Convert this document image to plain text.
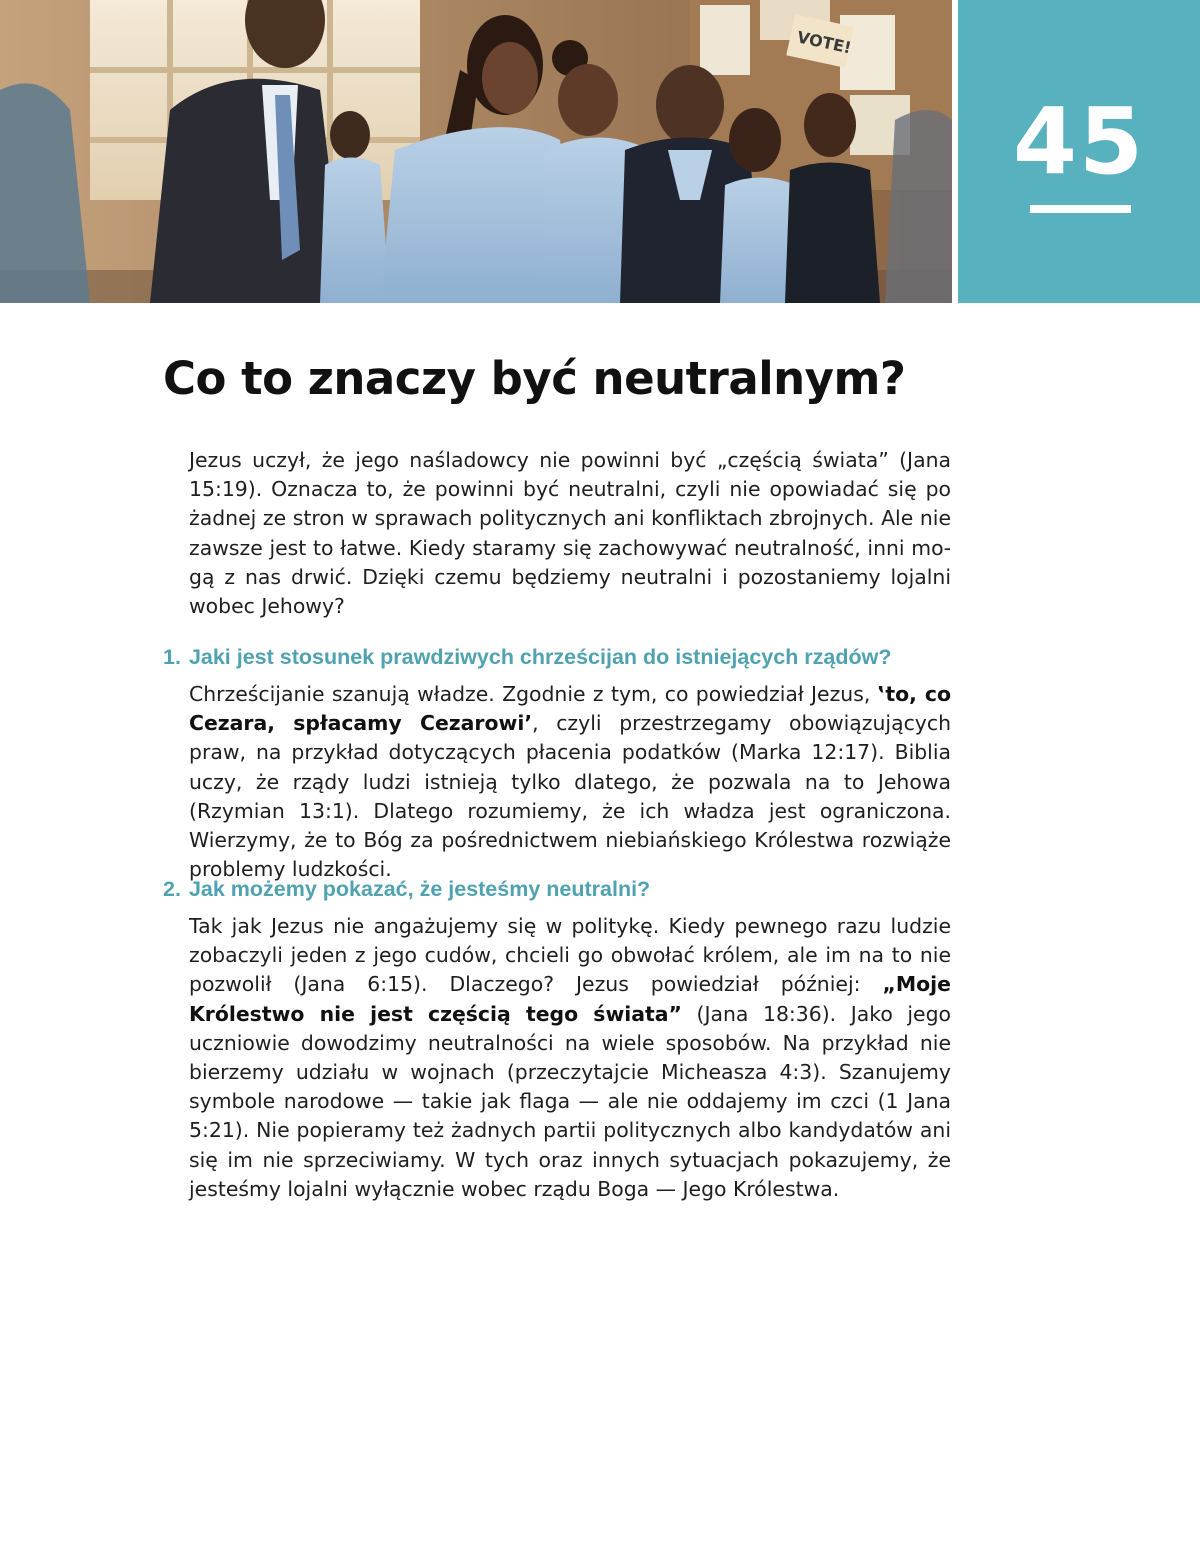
VOTE!
45
Co to znaczy być neutralnym?

Jezus uczył, że jego naśladowcy nie powinni być „częścią świata” (Jana 15:19). Oznacza to, że powinni być neutralni, czyli nie opowiadać się po żadnej ze stron w sprawach politycznych ani konfliktach zbrojnych. Ale nie zawsze jest to łatwe. Kiedy staramy się zachowywać neutralność, inni mogą z nas drwić. Dzięki czemu będziemy neutralni i pozostaniemy lojalni wobec Jehowy?

1. Jaki jest stosunek prawdziwych chrześcijan do istniejących rządów?

Chrześcijanie szanują władze. Zgodnie z tym, co powiedział Jezus, ‛to, co Cezara, spłacamy Cezarowi’, czyli przestrzegamy obowiązujących praw, na przykład dotyczących płacenia podatków (Marka 12:17). Biblia uczy, że rządy ludzi istnieją tylko dlatego, że pozwala na to Jehowa (Rzymian 13:1). Dlatego rozumiemy, że ich władza jest ograniczona. Wierzymy, że to Bóg za pośrednictwem niebiańskiego Królestwa rozwiąże problemy ludzkości.

2. Jak możemy pokazać, że jesteśmy neutralni?

Tak jak Jezus nie angażujemy się w politykę. Kiedy pewnego razu ludzie zobaczyli jeden z jego cudów, chcieli go obwołać królem, ale im na to nie pozwolił (Jana 6:15). Dlaczego? Jezus powiedział później: „Moje Królestwo nie jest częścią tego świata” (Jana 18:36). Jako jego uczniowie dowodzimy neutralności na wiele sposobów. Na przykład nie bierzemy udziału w wojnach (przeczytajcie Micheasza 4:3). Szanujemy symbole narodowe — takie jak flaga — ale nie oddajemy im czci (1 Jana 5:21). Nie popieramy też żadnych partii politycznych albo kandydatów ani się im nie sprzeciwiamy. W tych oraz innych sytuacjach pokazujemy, że jesteśmy lojalni wyłącznie wobec rządu Boga — Jego Królestwa.
